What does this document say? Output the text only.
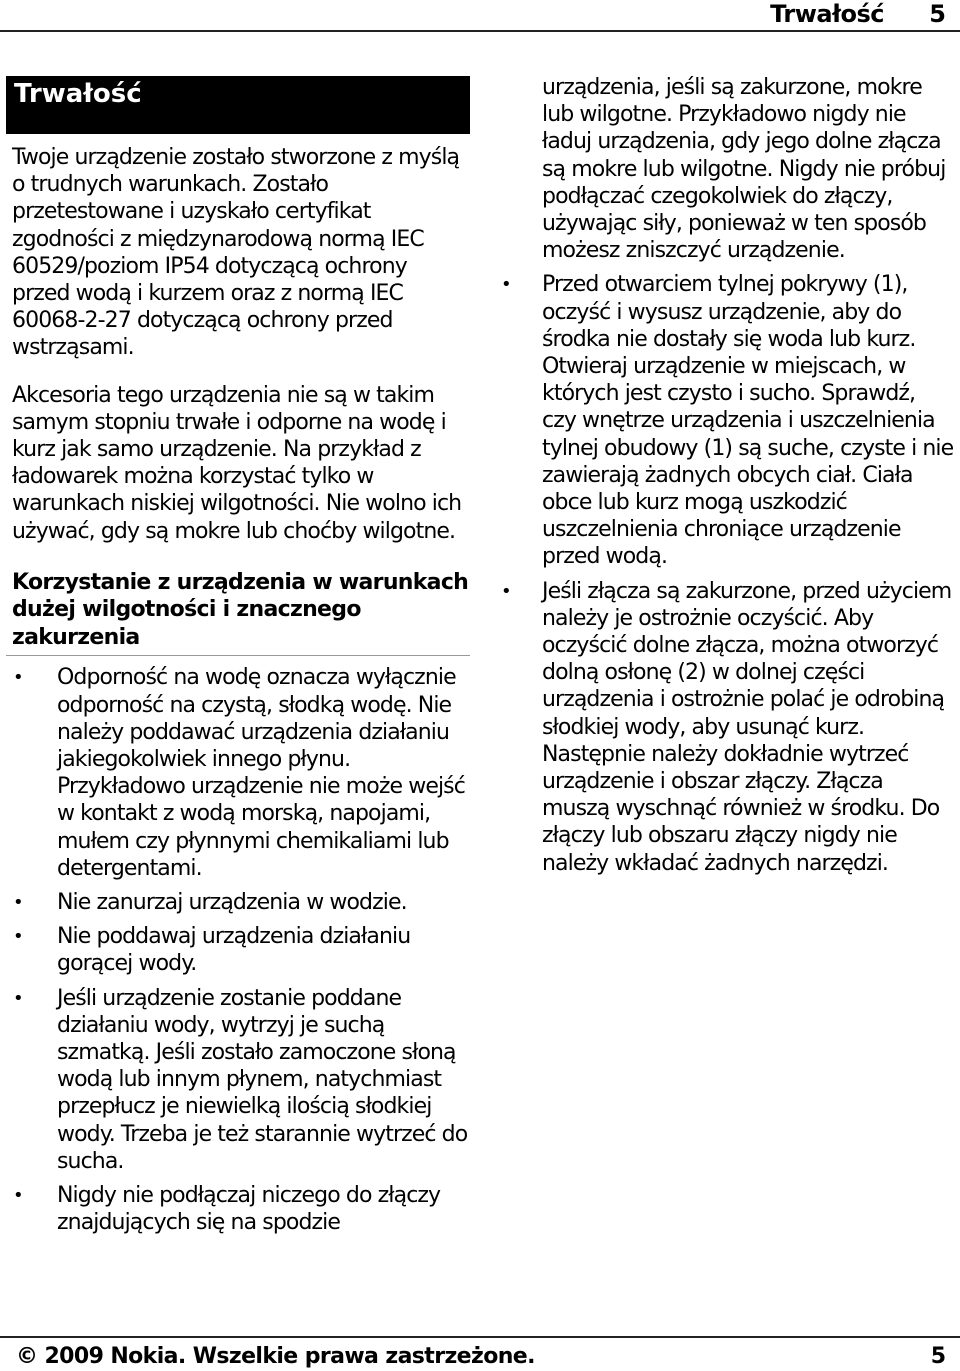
Trwałość 5
Trwałość

Twoje urządzenie zostało stworzone z myślą o trudnych warunkach. Zostało przetestowane i uzyskało certyfikat zgodności z międzynarodową normą IEC 60529/poziom IP54 dotyczącą ochrony przed wodą i kurzem oraz z normą IEC 60068-2-27 dotyczącą ochrony przed wstrząsami.

Akcesoria tego urządzenia nie są w takim samym stopniu trwałe i odporne na wodę i kurz jak samo urządzenie. Na przykład z ładowarek można korzystać tylko w warunkach niskiej wilgotności. Nie wolno ich używać, gdy są mokre lub choćby wilgotne.

Korzystanie z urządzenia w warunkach dużej wilgotności i znacznego zakurzenia
• Odporność na wodę oznacza wyłącznie odporność na czystą, słodką wodę. Nie należy poddawać urządzenia działaniu jakiegokolwiek innego płynu. Przykładowo urządzenie nie może wejść w kontakt z wodą morską, napojami, mułem czy płynnymi chemikaliami lub detergentami.
• Nie zanurzaj urządzenia w wodzie.
• Nie poddawaj urządzenia działaniu gorącej wody.
• Jeśli urządzenie zostanie poddane działaniu wody, wytrzyj je suchą szmatką. Jeśli zostało zamoczone słoną wodą lub innym płynem, natychmiast przepłucz je niewielką ilością słodkiej wody. Trzeba je też starannie wytrzeć do sucha.
• Nigdy nie podłączaj niczego do złączy znajdujących się na spodzie
urządzenia, jeśli są zakurzone, mokre lub wilgotne. Przykładowo nigdy nie ładuj urządzenia, gdy jego dolne złącza są mokre lub wilgotne. Nigdy nie próbuj podłączać czegokolwiek do złączy, używając siły, ponieważ w ten sposób możesz zniszczyć urządzenie.
• Przed otwarciem tylnej pokrywy (1), oczyść i wysusz urządzenie, aby do środka nie dostały się woda lub kurz. Otwieraj urządzenie w miejscach, w których jest czysto i sucho. Sprawdź, czy wnętrze urządzenia i uszczelnienia tylnej obudowy (1) są suche, czyste i nie zawierają żadnych obcych ciał. Ciała obce lub kurz mogą uszkodzić uszczelnienia chroniące urządzenie przed wodą.
• Jeśli złącza są zakurzone, przed użyciem należy je ostrożnie oczyścić. Aby oczyścić dolne złącza, można otworzyć dolną osłonę (2) w dolnej części urządzenia i ostrożnie polać je odrobiną słodkiej wody, aby usunąć kurz. Następnie należy dokładnie wytrzeć urządzenie i obszar złączy. Złącza muszą wyschnąć również w środku. Do złączy lub obszaru złączy nigdy nie należy wkładać żadnych narzędzi.
© 2009 Nokia. Wszelkie prawa zastrzeżone.	5
